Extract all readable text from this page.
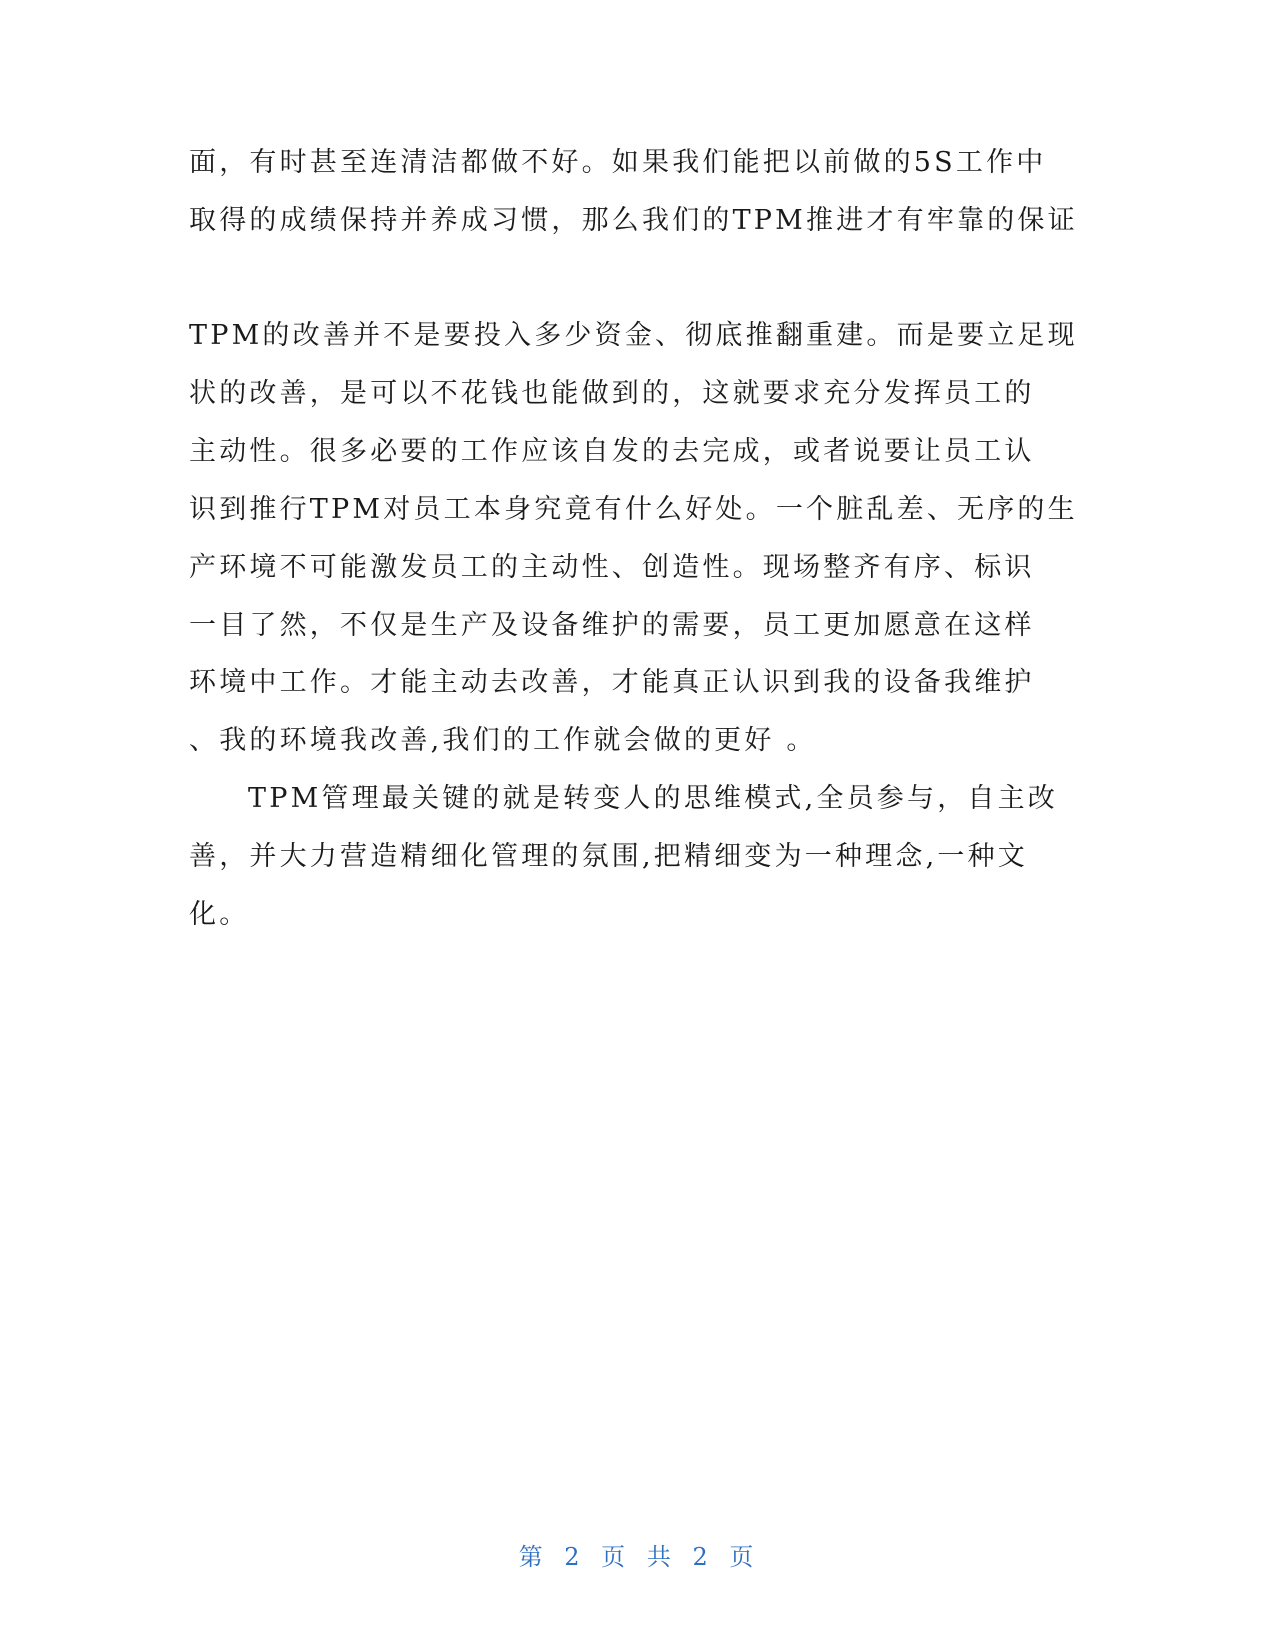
面，有时甚至连清洁都做不好。如果我们能把以前做的5S工作中
取得的成绩保持并养成习惯，那么我们的TPM推进才有牢靠的保证
TPM的改善并不是要投入多少资金、彻底推翻重建。而是要立足现
状的改善，是可以不花钱也能做到的，这就要求充分发挥员工的
主动性。很多必要的工作应该自发的去完成，或者说要让员工认
识到推行TPM对员工本身究竟有什么好处。一个脏乱差、无序的生
产环境不可能激发员工的主动性、创造性。现场整齐有序、标识
一目了然，不仅是生产及设备维护的需要，员工更加愿意在这样
环境中工作。才能主动去改善，才能真正认识到我的设备我维护
、我的环境我改善,我们的工作就会做的更好 。
TPM管理最关键的就是转变人的思维模式,全员参与，自主改
善，并大力营造精细化管理的氛围,把精细变为一种理念,一种文
化。
第 2 页 共 2 页
